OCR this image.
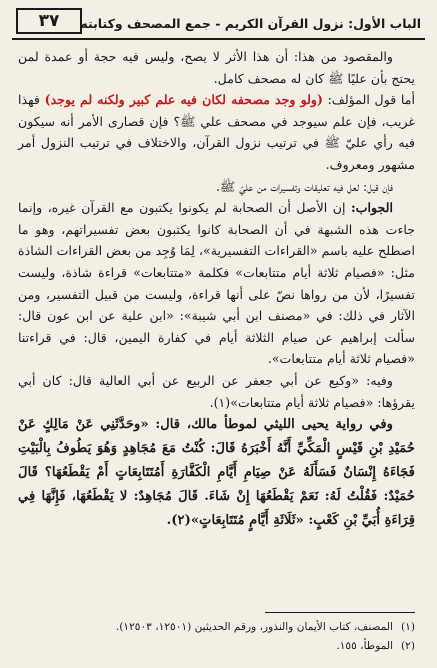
الباب الأول: نزول القرآن الكريم - جمع المصحف وكتابته
٣٧

والمقصود من هذا: أن هذا الأثر لا يصح، وليس فيه حجة أو عمدة لمن يحتج بأن عليًا ﷺ كان له مصحف كامل.

أما قول المؤلف: (ولو وجد مصحفه لكان فيه علم كبير ولكنه لم يوجد) فهذا غريب، فإن علم سيوجد في مصحف علي ﷺ؟ فإن قصارى الأمر أنه سيكون فيه رأي عليّ ﷺ في ترتيب نزول القرآن، والاختلاف في ترتيب النزول أمر مشهور ومعروف.

فإن قيل: لعل فيه تعليقات وتفسيرات من عليّ ﷺ.

الجواب: إن الأصل أن الصحابة لم يكونوا يكتبون مع القرآن غيره، وإنما جاءت هذه الشبهة في أن الصحابة كانوا يكتبون بعض تفسيراتهم، وهو ما اصطلح عليه باسم «القراءات التفسيرية»، لِمَا وُجِد من بعض القراءات الشاذة مثل: «فصيام ثلاثة أيام متتابعات» فكلمة «متتابعات» قراءة شاذة، وليست تفسيرًا، لأن من رواها نصّ على أنها قراءة، وليست من قبيل التفسير، ومن الآثار في ذلك: في «مصنف ابن أبي شيبة»: «ابن علية عن ابن عون قال: سألت إبراهيم عن صيام الثلاثة أيام في كفارة اليمين، قال: في قراءتنا «فصيام ثلاثة أيام متتابعات».

وفيه: «وكيع عن أبي جعفر عن الربيع عن أبي العالية قال: كان أبي يقرؤها: «فصيام ثلاثة أيام متتابعات»(١).

وفي رواية يحيى الليثي لموطأ مالك، قال: «وحَدَّثَنِي عَنْ مَالِكٍ عَنْ حُمَيْدِ بْنِ قَيْسٍ الْمَكِّيِّ أَنَّهُ أَخْبَرَهُ قَالَ: كُنْتُ مَعَ مُجَاهِدٍ وَهُوَ يَطُوفُ بِالْبَيْتِ فَجَاءَهُ إِنْسَانٌ فَسَأَلَهُ عَنْ صِيَامِ أَيَّامِ الْكَفَّارَةِ أَمُتَتَابِعَاتٍ أَمْ يَقْطَعُهَا؟ قَالَ حُمَيْدٌ: فَقُلْتُ لَهُ: نَعَمْ يَقْطَعُهَا إِنْ شَاءَ. قَالَ مُجَاهِدٌ: لا يَقْطَعُهَا، فَإِنَّهَا فِي قِرَاءَةِ أُبَيِّ بْنِ كَعْبٍ: «ثَلَاثَةِ أَيَّامٍ مُتَتَابِعَاتٍ»(٢).

(١)المصنف، كتاب الأيمان والنذور، ورقم الحديثين (١٢٥٠١، ١٢٥٠٣).
(٢)الموطأ، ١٥٥.
